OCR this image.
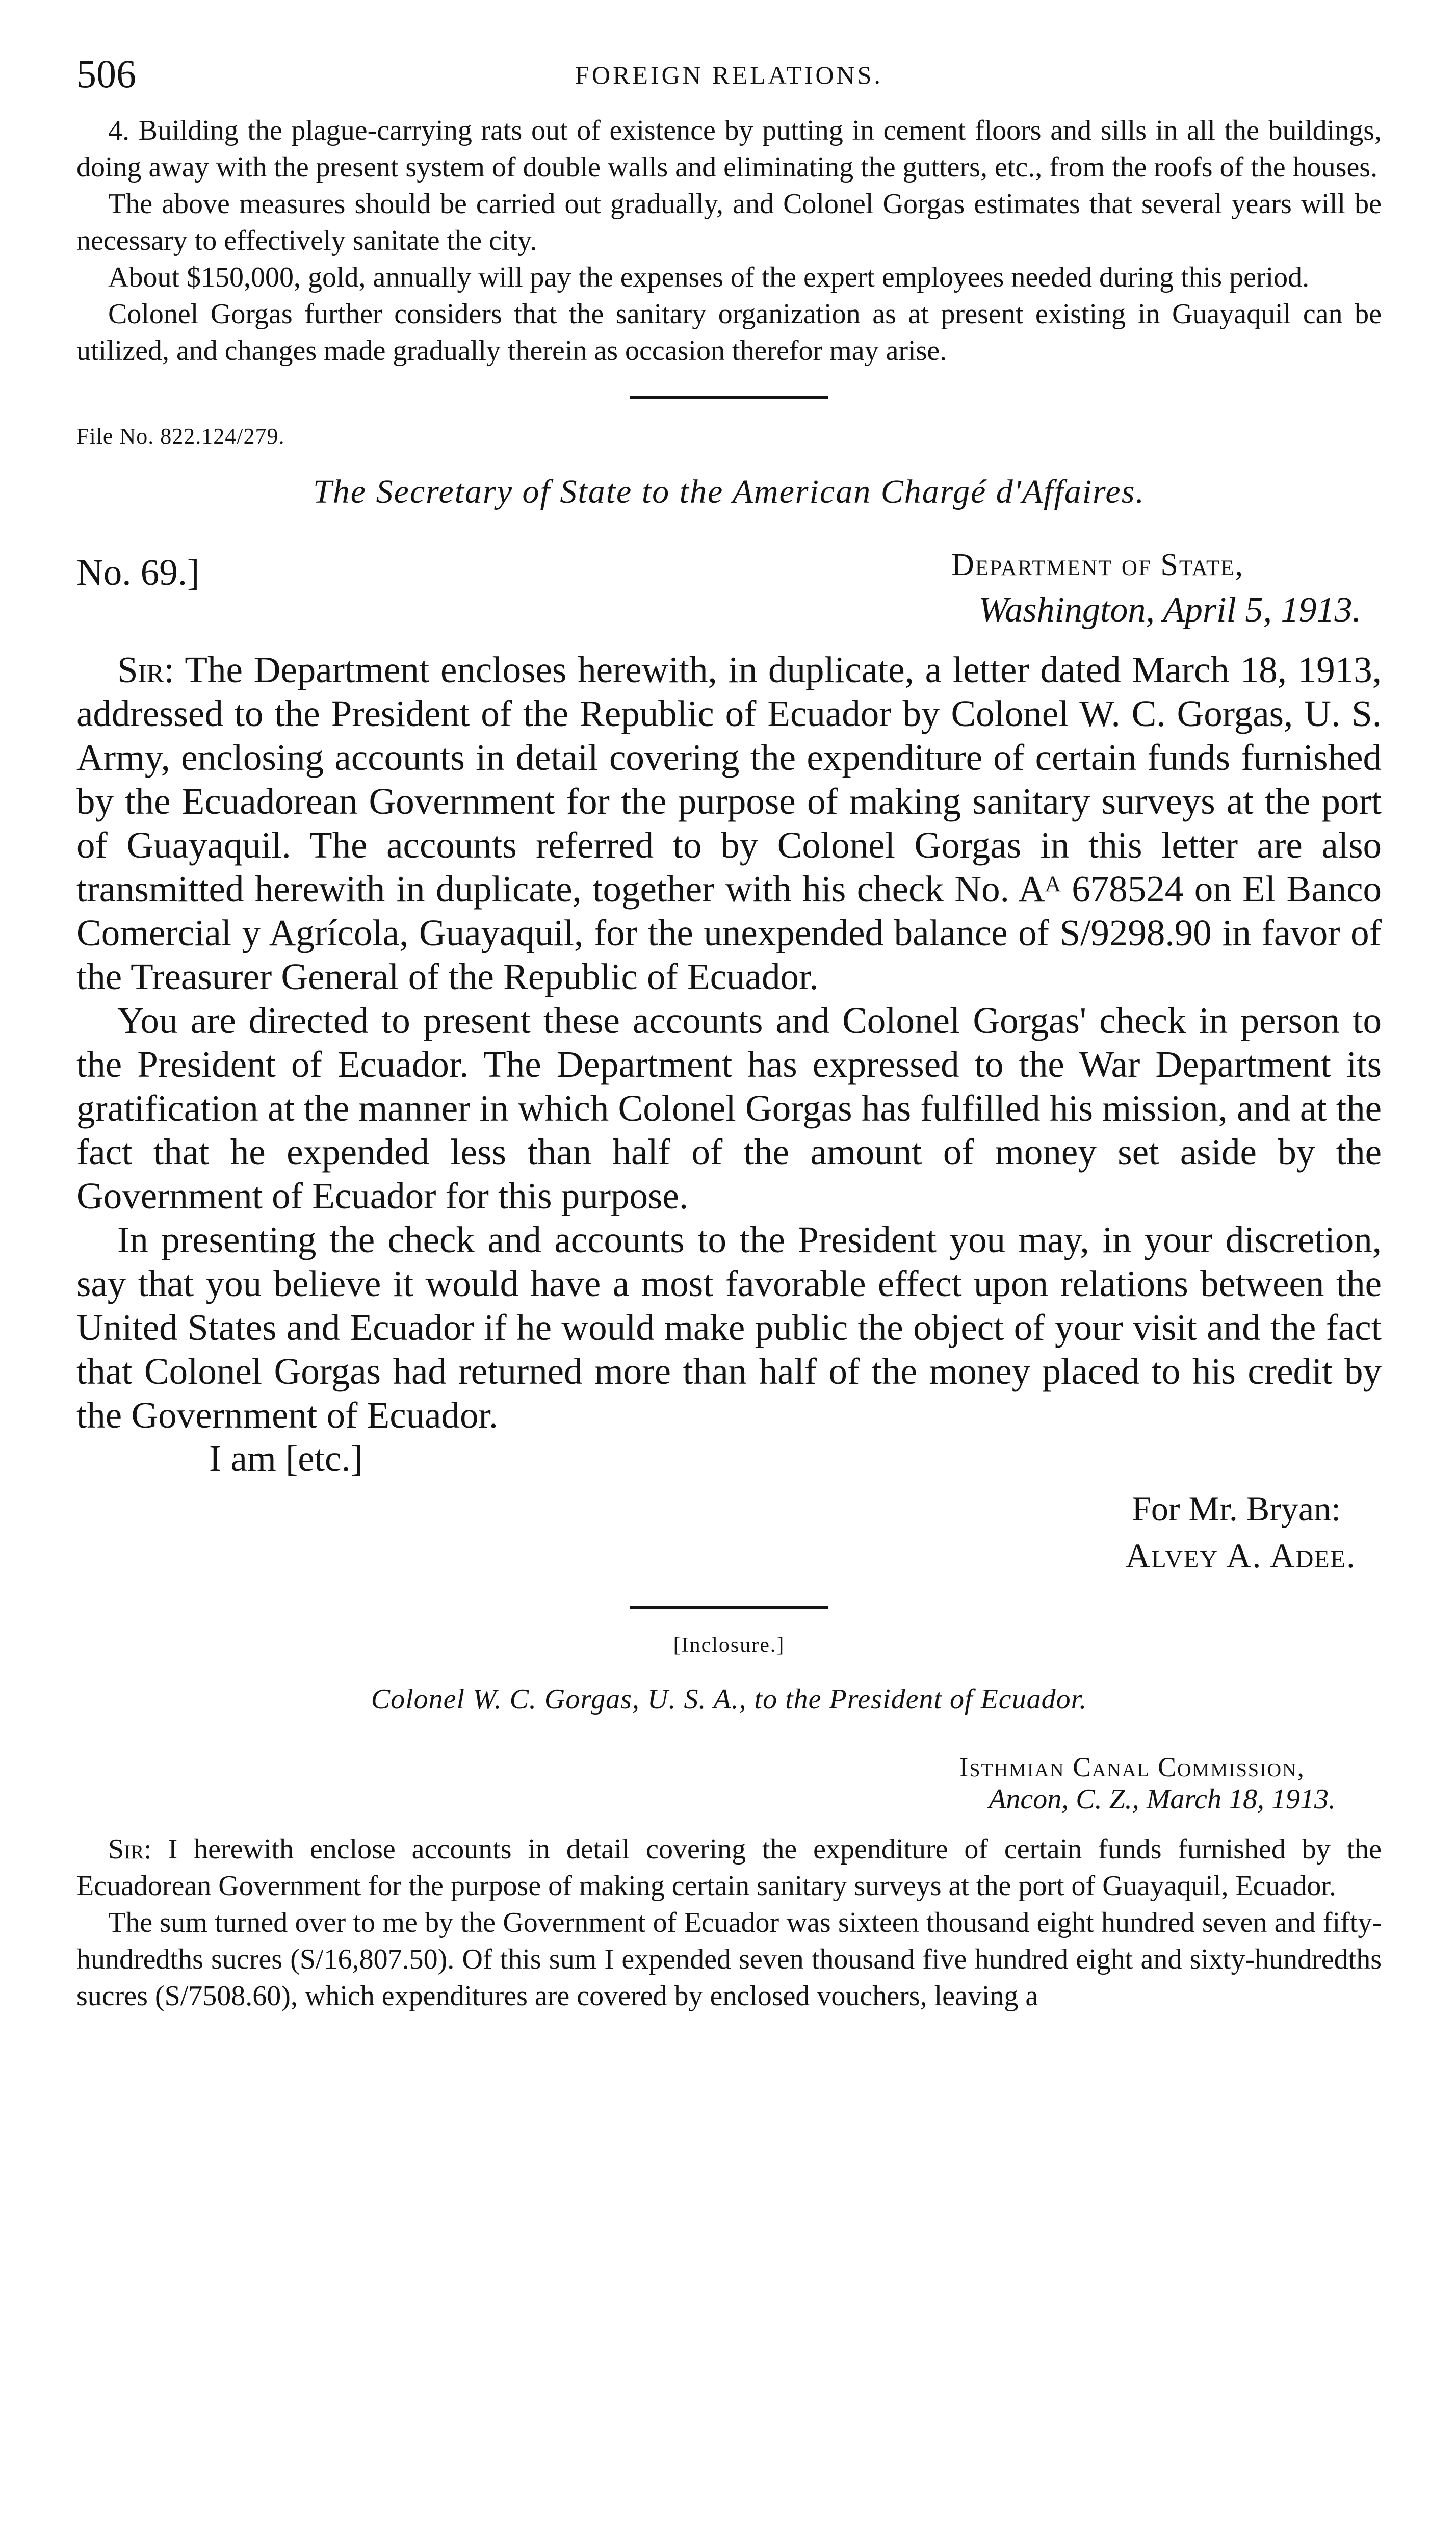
506	FOREIGN RELATIONS.

4. Building the plague-carrying rats out of existence by putting in cement floors and sills in all the buildings, doing away with the present system of double walls and eliminating the gutters, etc., from the roofs of the houses.

The above measures should be carried out gradually, and Colonel Gorgas estimates that several years will be necessary to effectively sanitate the city.

About $150,000, gold, annually will pay the expenses of the expert employees needed during this period.

Colonel Gorgas further considers that the sanitary organization as at present existing in Guayaquil can be utilized, and changes made gradually therein as occasion therefor may arise.

File No. 822.124/279.

The Secretary of State to the American Chargé d'Affaires.

No. 69.]	Department of State,
Washington, April 5, 1913.

Sir: The Department encloses herewith, in duplicate, a letter dated March 18, 1913, addressed to the President of the Republic of Ecuador by Colonel W. C. Gorgas, U. S. Army, enclosing accounts in detail covering the expenditure of certain funds furnished by the Ecuadorean Government for the purpose of making sanitary surveys at the port of Guayaquil. The accounts referred to by Colonel Gorgas in this letter are also transmitted herewith in duplicate, together with his check No. Aᴬ 678524 on El Banco Comercial y Agrícola, Guayaquil, for the unexpended balance of S/9298.90 in favor of the Treasurer General of the Republic of Ecuador.

You are directed to present these accounts and Colonel Gorgas' check in person to the President of Ecuador. The Department has expressed to the War Department its gratification at the manner in which Colonel Gorgas has fulfilled his mission, and at the fact that he expended less than half of the amount of money set aside by the Government of Ecuador for this purpose.

In presenting the check and accounts to the President you may, in your discretion, say that you believe it would have a most favorable effect upon relations between the United States and Ecuador if he would make public the object of your visit and the fact that Colonel Gorgas had returned more than half of the money placed to his credit by the Government of Ecuador.

I am [etc.]

For Mr. Bryan:
Alvey A. Adee.

[Inclosure.]

Colonel W. C. Gorgas, U. S. A., to the President of Ecuador.

Isthmian Canal Commission,
Ancon, C. Z., March 18, 1913.

Sir: I herewith enclose accounts in detail covering the expenditure of certain funds furnished by the Ecuadorean Government for the purpose of making certain sanitary surveys at the port of Guayaquil, Ecuador.

The sum turned over to me by the Government of Ecuador was sixteen thousand eight hundred seven and fifty-hundredths sucres (S/16,807.50). Of this sum I expended seven thousand five hundred eight and sixty-hundredths sucres (S/7508.60), which expenditures are covered by enclosed vouchers, leaving a
